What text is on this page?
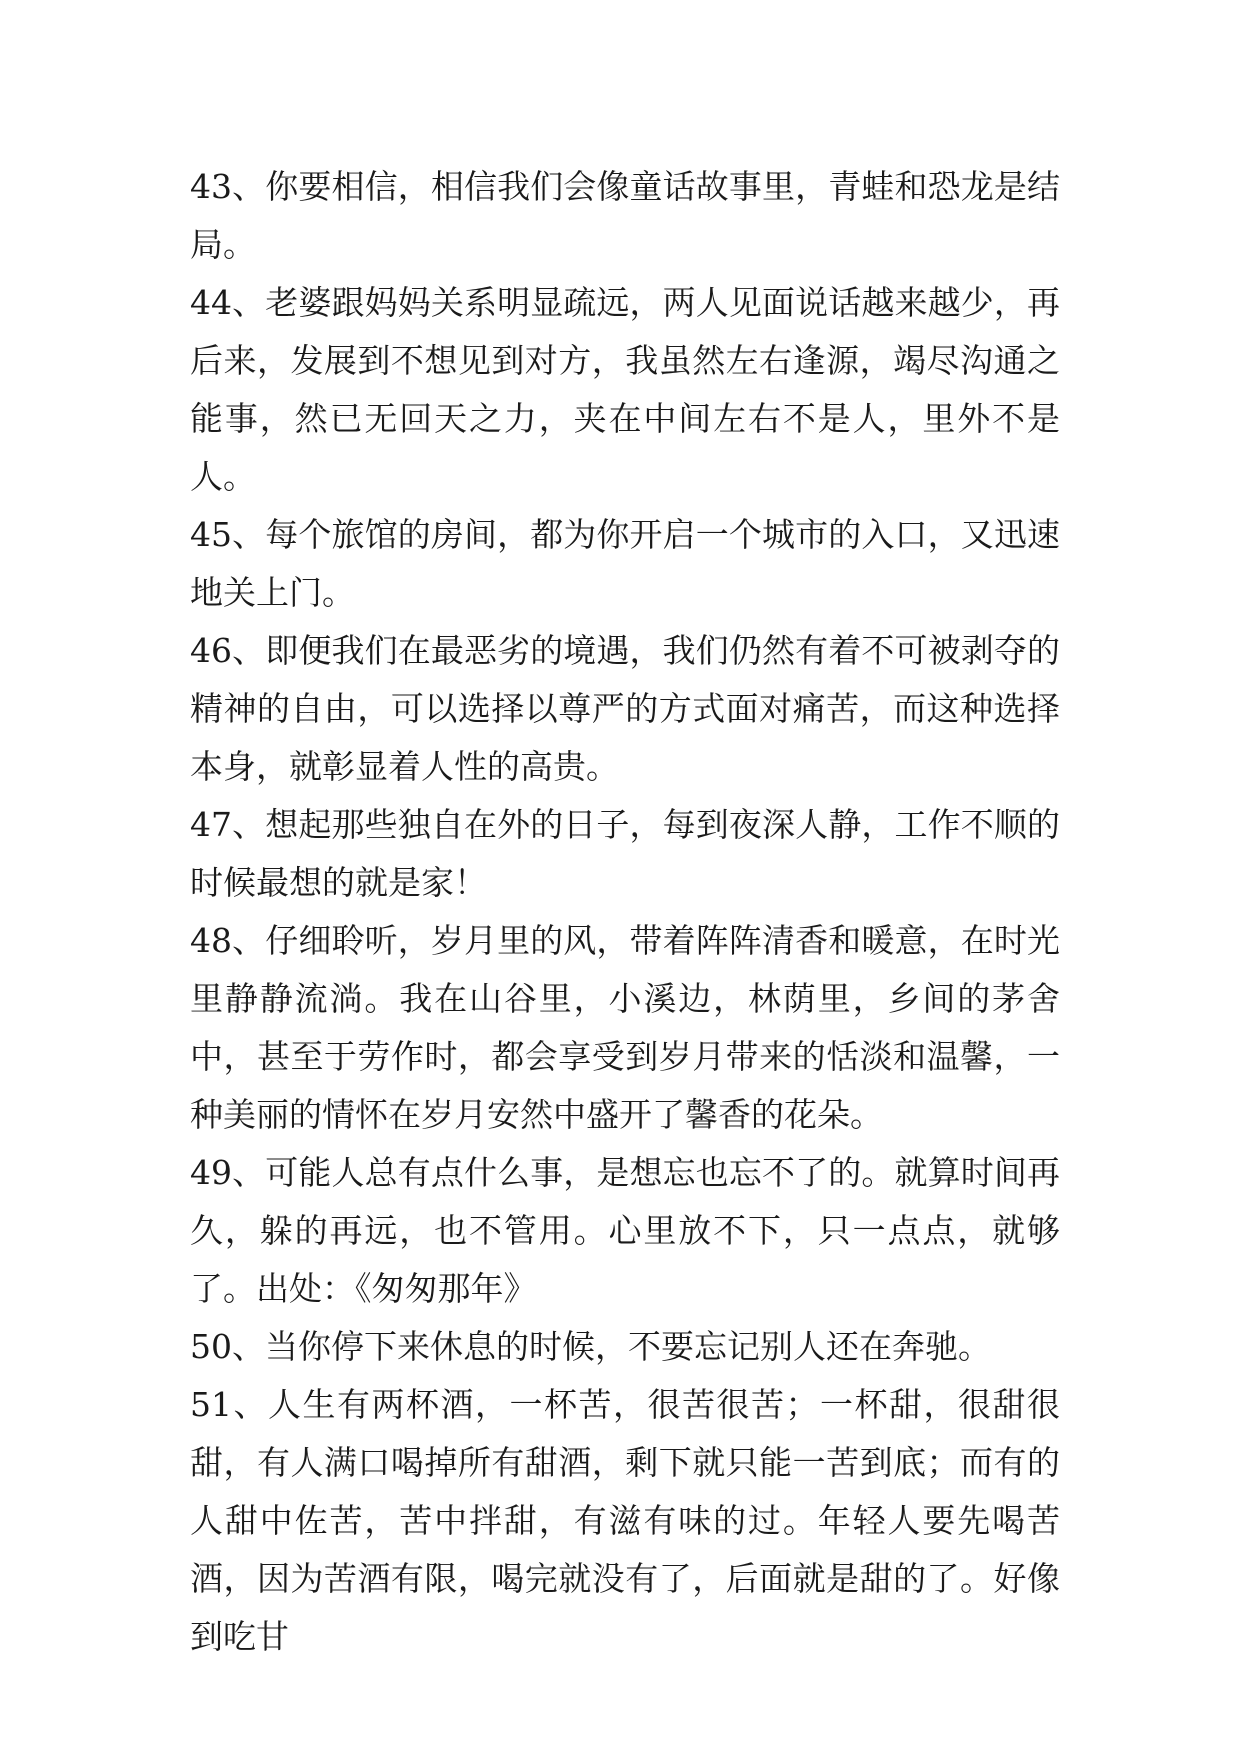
43、你要相信，相信我们会像童话故事里，青蛙和恐龙是结局。

44、老婆跟妈妈关系明显疏远，两人见面说话越来越少，再后来，发展到不想见到对方，我虽然左右逢源，竭尽沟通之能事，然已无回天之力，夹在中间左右不是人，里外不是人。

45、每个旅馆的房间，都为你开启一个城市的入口，又迅速地关上门。

46、即便我们在最恶劣的境遇，我们仍然有着不可被剥夺的精神的自由，可以选择以尊严的方式面对痛苦，而这种选择本身，就彰显着人性的高贵。

47、想起那些独自在外的日子，每到夜深人静，工作不顺的时候最想的就是家！

48、仔细聆听，岁月里的风，带着阵阵清香和暖意，在时光里静静流淌。我在山谷里，小溪边，林荫里，乡间的茅舍中，甚至于劳作时，都会享受到岁月带来的恬淡和温馨，一种美丽的情怀在岁月安然中盛开了馨香的花朵。

49、可能人总有点什么事，是想忘也忘不了的。就算时间再久，躲的再远，也不管用。心里放不下，只一点点，就够了。出处：《匆匆那年》

50、当你停下来休息的时候，不要忘记别人还在奔驰。

51、人生有两杯酒，一杯苦，很苦很苦；一杯甜，很甜很甜，有人满口喝掉所有甜酒，剩下就只能一苦到底；而有的人甜中佐苦，苦中拌甜，有滋有味的过。年轻人要先喝苦酒，因为苦酒有限，喝完就没有了，后面就是甜的了。好像到吃甘
